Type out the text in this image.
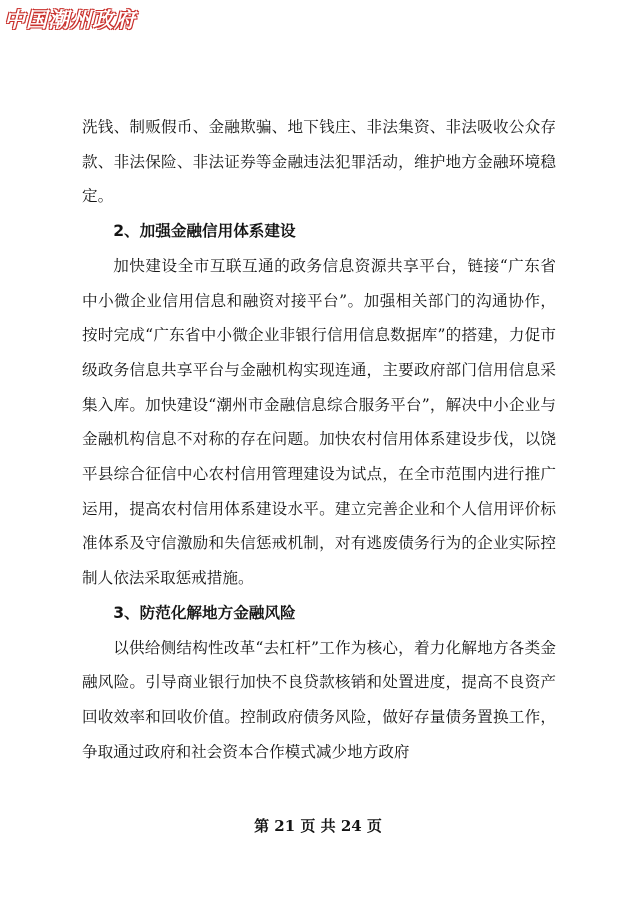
中国潮州政府

洗钱、制贩假币、金融欺骗、地下钱庄、非法集资、非法吸收公众存款、非法保险、非法证券等金融违法犯罪活动，维护地方金融环境稳定。

2、加强金融信用体系建设

加快建设全市互联互通的政务信息资源共享平台，链接“广东省中小微企业信用信息和融资对接平台”。加强相关部门的沟通协作，按时完成“广东省中小微企业非银行信用信息数据库”的搭建，力促市级政务信息共享平台与金融机构实现连通，主要政府部门信用信息采集入库。加快建设“潮州市金融信息综合服务平台”，解决中小企业与金融机构信息不对称的存在问题。加快农村信用体系建设步伐，以饶平县综合征信中心农村信用管理建设为试点，在全市范围内进行推广运用，提高农村信用体系建设水平。建立完善企业和个人信用评价标准体系及守信激励和失信惩戒机制，对有逃废债务行为的企业实际控制人依法采取惩戒措施。

3、防范化解地方金融风险

以供给侧结构性改革“去杠杆”工作为核心，着力化解地方各类金融风险。引导商业银行加快不良贷款核销和处置进度，提高不良资产回收效率和回收价值。控制政府债务风险，做好存量债务置换工作，争取通过政府和社会资本合作模式减少地方政府

第 21 页 共 24 页
